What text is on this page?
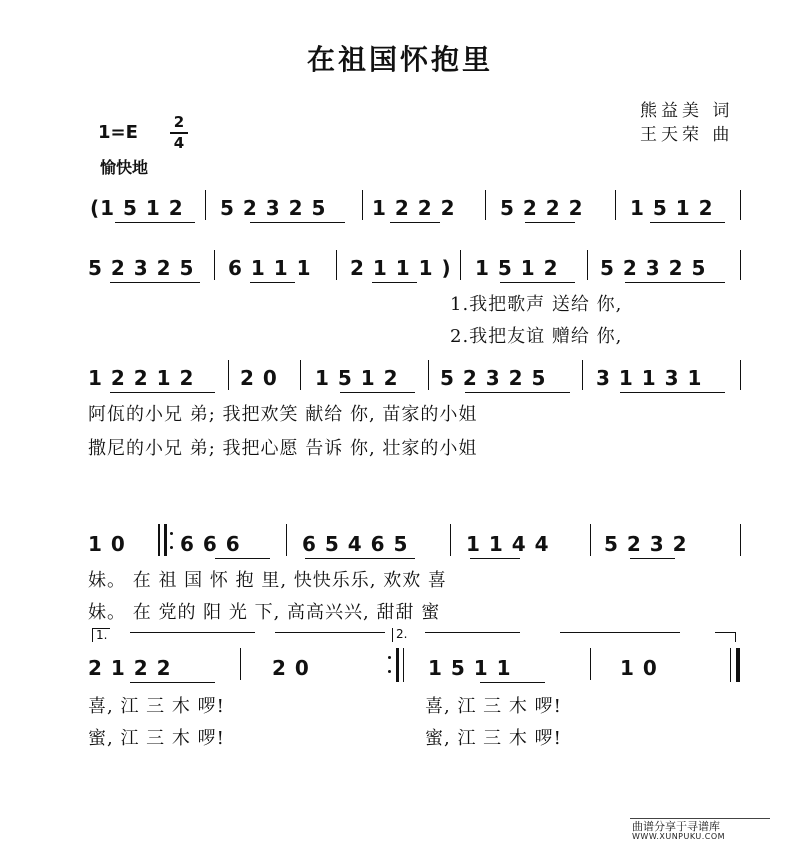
在祖国怀抱里
熊益美 词
王天荣 曲
1=E 2
4
愉快地
(1 5 1 2 5 2 3 2 5 1 2 2 2 5 2 2 2 1 5 1 2
5 2 3 2 5 6 1 1 1 2 1 1 1 ) 1 5 1 2 5 2 3 2 5
1.我把歌声 送给 你,
2.我把友谊 赠给 你,
1 2 2 1 2 2 0 1 5 1 2 5 2 3 2 5 3 1 1 3 1
阿佤的小兄 弟; 我把欢笑 献给 你, 苗家的小姐
撒尼的小兄 弟; 我把心愿 告诉 你, 壮家的小姐
1 0	6 6 6	6 5 4 6 5	1 1 4 4	5 2 3 2
妹。 在 祖 国 怀 抱 里, 快快乐乐, 欢欢 喜
妹。 在 党的 阳 光 下, 高高兴兴, 甜甜 蜜
1.	2.
2 1 2 2	2 0	1 5 1 1	1 0
喜, 江 三 木 啰!	喜, 江 三 木 啰!
蜜, 江 三 木 啰!	蜜, 江 三 木 啰!
曲谱分享于寻谱库
WWW.XUNPUKU.COM
